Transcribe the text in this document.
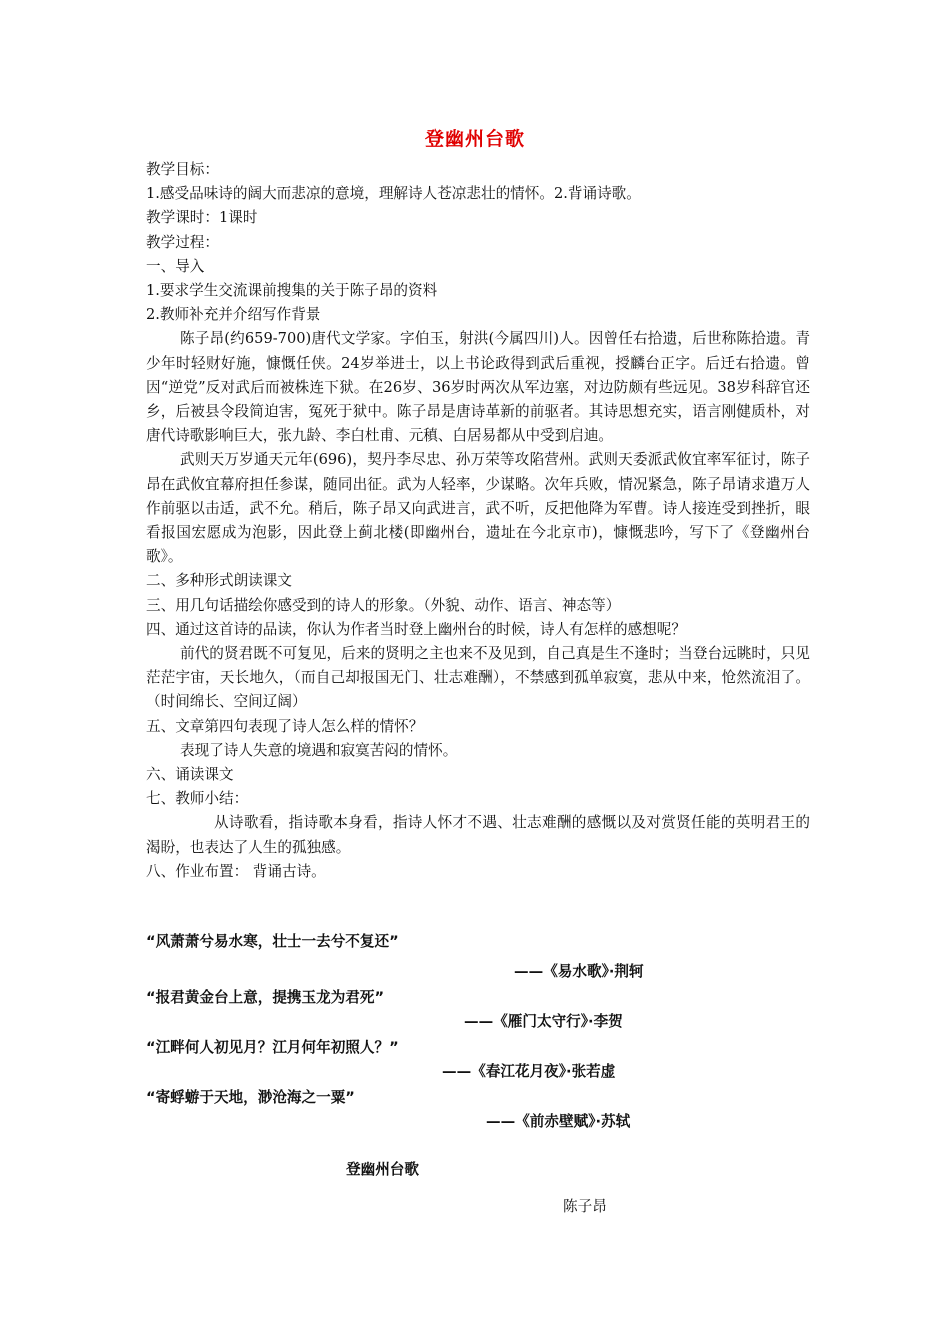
登幽州台歌
教学目标：
1.感受品味诗的阔大而悲凉的意境，理解诗人苍凉悲壮的情怀。2.背诵诗歌。
教学课时：1课时
教学过程：
一、导入
1.要求学生交流课前搜集的关于陈子昂的资料
2.教师补充并介绍写作背景
陈子昂(约659-700)唐代文学家。字伯玉，射洪(今属四川)人。因曾任右拾遗，后世称陈拾遗。青少年时轻财好施，慷慨任侠。24岁举进士，以上书论政得到武后重视，授麟台正字。后迁右拾遗。曾因“逆党”反对武后而被株连下狱。在26岁、36岁时两次从军边塞，对边防颇有些远见。38岁科辞官还乡，后被县令段简迫害，冤死于狱中。陈子昂是唐诗革新的前驱者。其诗思想充实，语言刚健质朴，对唐代诗歌影响巨大，张九龄、李白杜甫、元稹、白居易都从中受到启迪。
武则天万岁通天元年(696)，契丹李尽忠、孙万荣等攻陷营州。武则天委派武攸宜率军征讨，陈子昂在武攸宜幕府担任参谋，随同出征。武为人轻率，少谋略。次年兵败，情况紧急，陈子昂请求遣万人作前驱以击适，武不允。稍后，陈子昂又向武进言，武不听，反把他降为军曹。诗人接连受到挫折，眼看报国宏愿成为泡影，因此登上蓟北楼(即幽州台，遗址在今北京市)，慷慨悲吟，写下了《登幽州台歌》。
二、多种形式朗读课文
三、用几句话描绘你感受到的诗人的形象。（外貌、动作、语言、神态等）
四、通过这首诗的品读，你认为作者当时登上幽州台的时候，诗人有怎样的感想呢？
前代的贤君既不可复见，后来的贤明之主也来不及见到，自己真是生不逢时；当登台远眺时，只见茫茫宇宙，天长地久，（而自己却报国无门、壮志难酬），不禁感到孤单寂寞，悲从中来，怆然流泪了。（时间绵长、空间辽阔）
五、文章第四句表现了诗人怎么样的情怀？
表现了诗人失意的境遇和寂寞苦闷的情怀。
六、诵读课文
七、教师小结：
从诗歌看，指诗歌本身看，指诗人怀才不遇、壮志难酬的感慨以及对赏贤任能的英明君王的渴盼，也表达了人生的孤独感。
八、作业布置： 背诵古诗。
“风萧萧兮易水寒，壮士一去兮不复还”
——《易水歌》·荆轲
“报君黄金台上意，提携玉龙为君死”
——《雁门太守行》·李贺
“江畔何人初见月？江月何年初照人？”
——《春江花月夜》·张若虚
“寄蜉蝣于天地，渺沧海之一粟”
——《前赤壁赋》·苏轼
登幽州台歌
陈子昂
